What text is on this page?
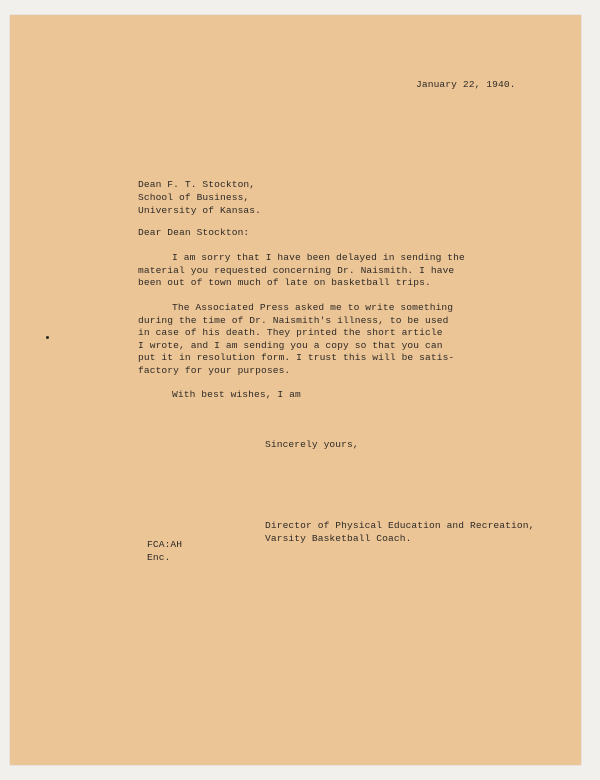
January 22, 1940.
Dean F. T. Stockton,
School of Business,
University of Kansas.
Dear Dean Stockton:
I am sorry that I have been delayed in sending the
material you requested concerning Dr. Naismith. I have
been out of town much of late on basketball trips.
The Associated Press asked me to write something
during the time of Dr. Naismith's illness, to be used
in case of his death. They printed the short article
I wrote, and I am sending you a copy so that you can
put it in resolution form. I trust this will be satis-
factory for your purposes.
With best wishes, I am
Sincerely yours,
Director of Physical Education and Recreation,
Varsity Basketball Coach.
FCA:AH
Enc.
